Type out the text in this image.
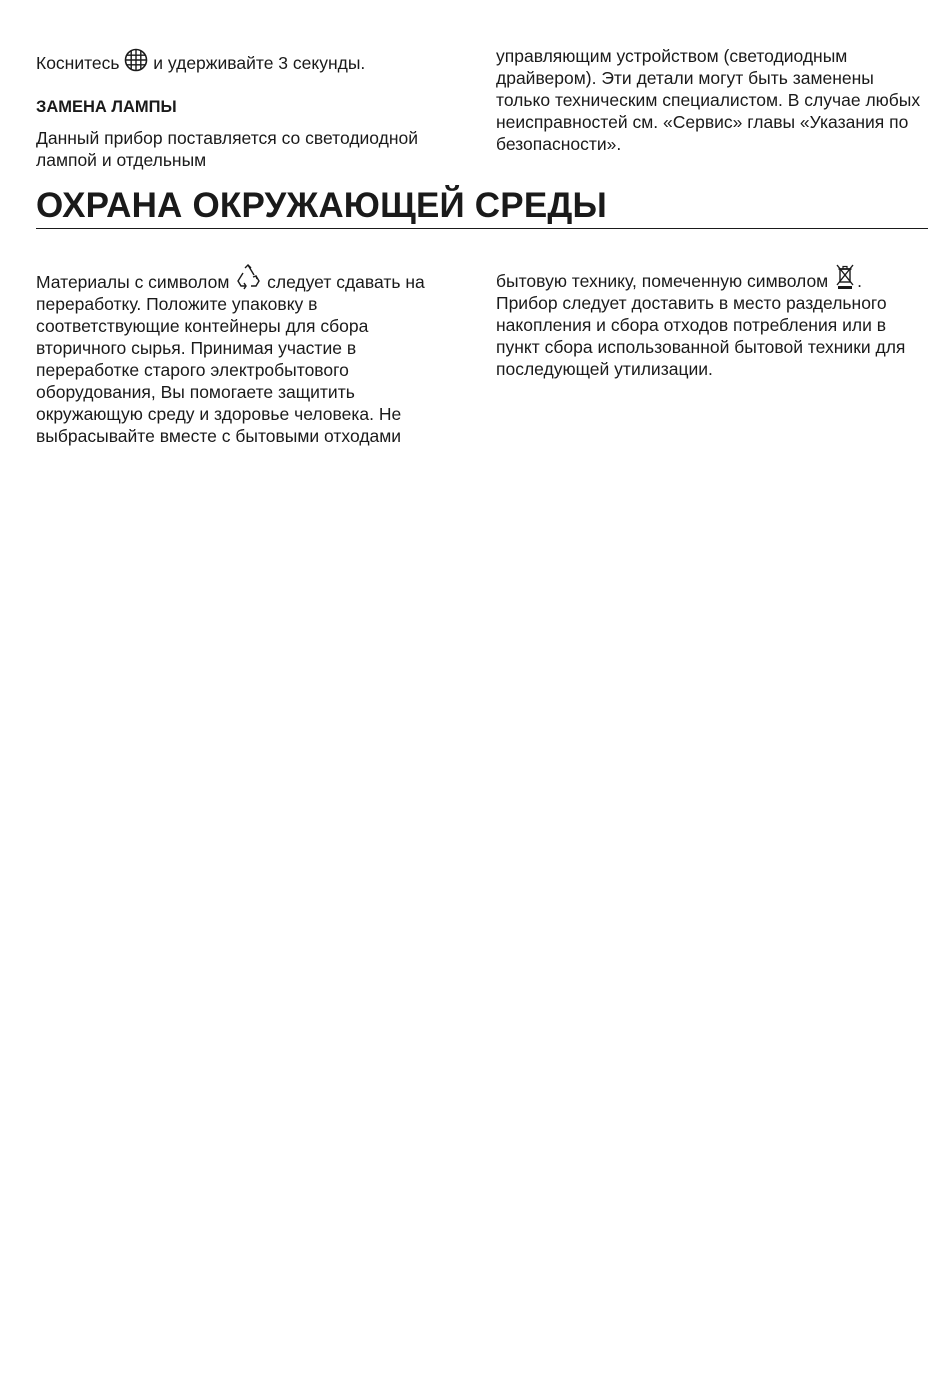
Коснитесь и удерживайте 3 секунды.

ЗАМЕНА ЛАМПЫ

Данный прибор поставляется со светодиодной лампой и отдельным

управляющим устройством (светодиодным драйвером). Эти детали могут быть заменены только техническим специалистом. В случае любых неисправностей см. «Сервис» главы «Указания по безопасности».

ОХРАНА ОКРУЖАЮЩЕЙ СРЕДЫ

Материалы с символом следует сдавать на переработку. Положите упаковку в соответствующие контейнеры для сбора вторичного сырья. Принимая участие в переработке старого электробытового оборудования, Вы помогаете защитить окружающую среду и здоровье человека. Не выбрасывайте вместе с бытовыми отходами

бытовую технику, помеченную символом . Прибор следует доставить в место раздельного накопления и сбора отходов потребления или в пункт сбора использованной бытовой техники для последующей утилизации.
